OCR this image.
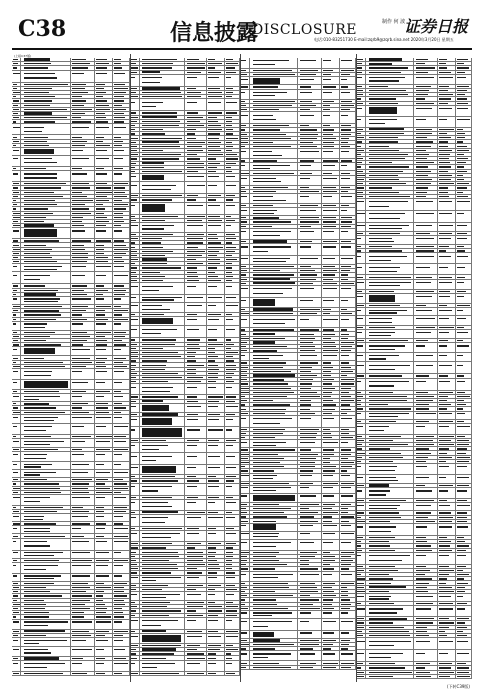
C38	信息披露
DISCLOSURE	制作 何 波
电话:010-83251730 E-mail:zqrb9@zqrb.sina.net 2020年3月20日 星期五
证券日报
(上接C37版)
(下转C39版)
